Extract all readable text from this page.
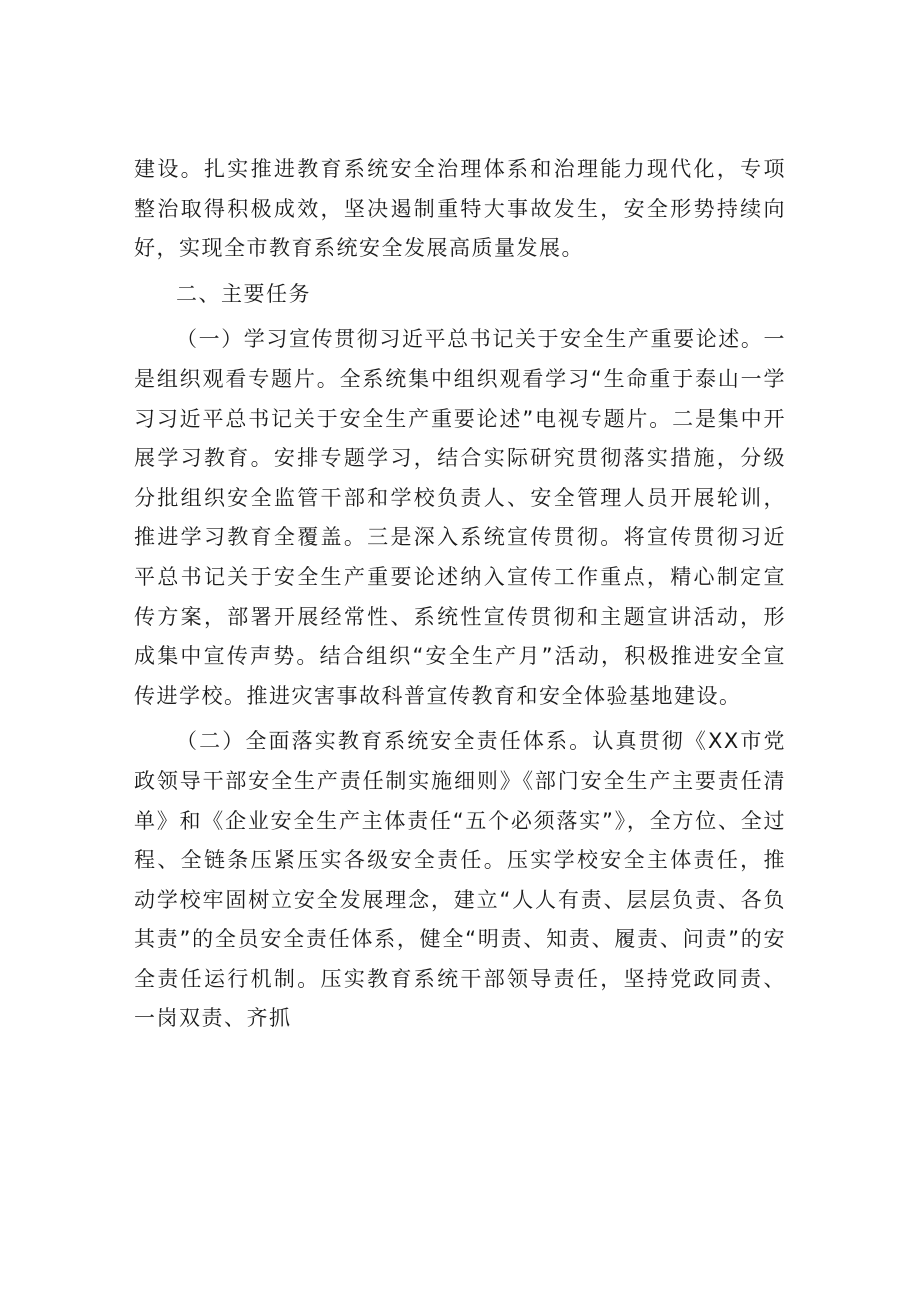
建设。扎实推进教育系统安全治理体系和治理能力现代化，专项整治取得积极成效，坚决遏制重特大事故发生，安全形势持续向好，实现全市教育系统安全发展高质量发展。

二、主要任务

（一）学习宣传贯彻习近平总书记关于安全生产重要论述。一是组织观看专题片。全系统集中组织观看学习“生命重于泰山一学习习近平总书记关于安全生产重要论述”电视专题片。二是集中开展学习教育。安排专题学习，结合实际研究贯彻落实措施，分级分批组织安全监管干部和学校负责人、安全管理人员开展轮训，推进学习教育全覆盖。三是深入系统宣传贯彻。将宣传贯彻习近平总书记关于安全生产重要论述纳入宣传工作重点，精心制定宣传方案，部署开展经常性、系统性宣传贯彻和主题宣讲活动，形成集中宣传声势。结合组织“安全生产月”活动，积极推进安全宣传进学校。推进灾害事故科普宣传教育和安全体验基地建设。

（二）全面落实教育系统安全责任体系。认真贯彻《XX市党政领导干部安全生产责任制实施细则》《部门安全生产主要责任清单》和《企业安全生产主体责任“五个必须落实”》，全方位、全过程、全链条压紧压实各级安全责任。压实学校安全主体责任，推动学校牢固树立安全发展理念，建立“人人有责、层层负责、各负其责”的全员安全责任体系，健全“明责、知责、履责、问责”的安全责任运行机制。压实教育系统干部领导责任，坚持党政同责、一岗双责、齐抓
